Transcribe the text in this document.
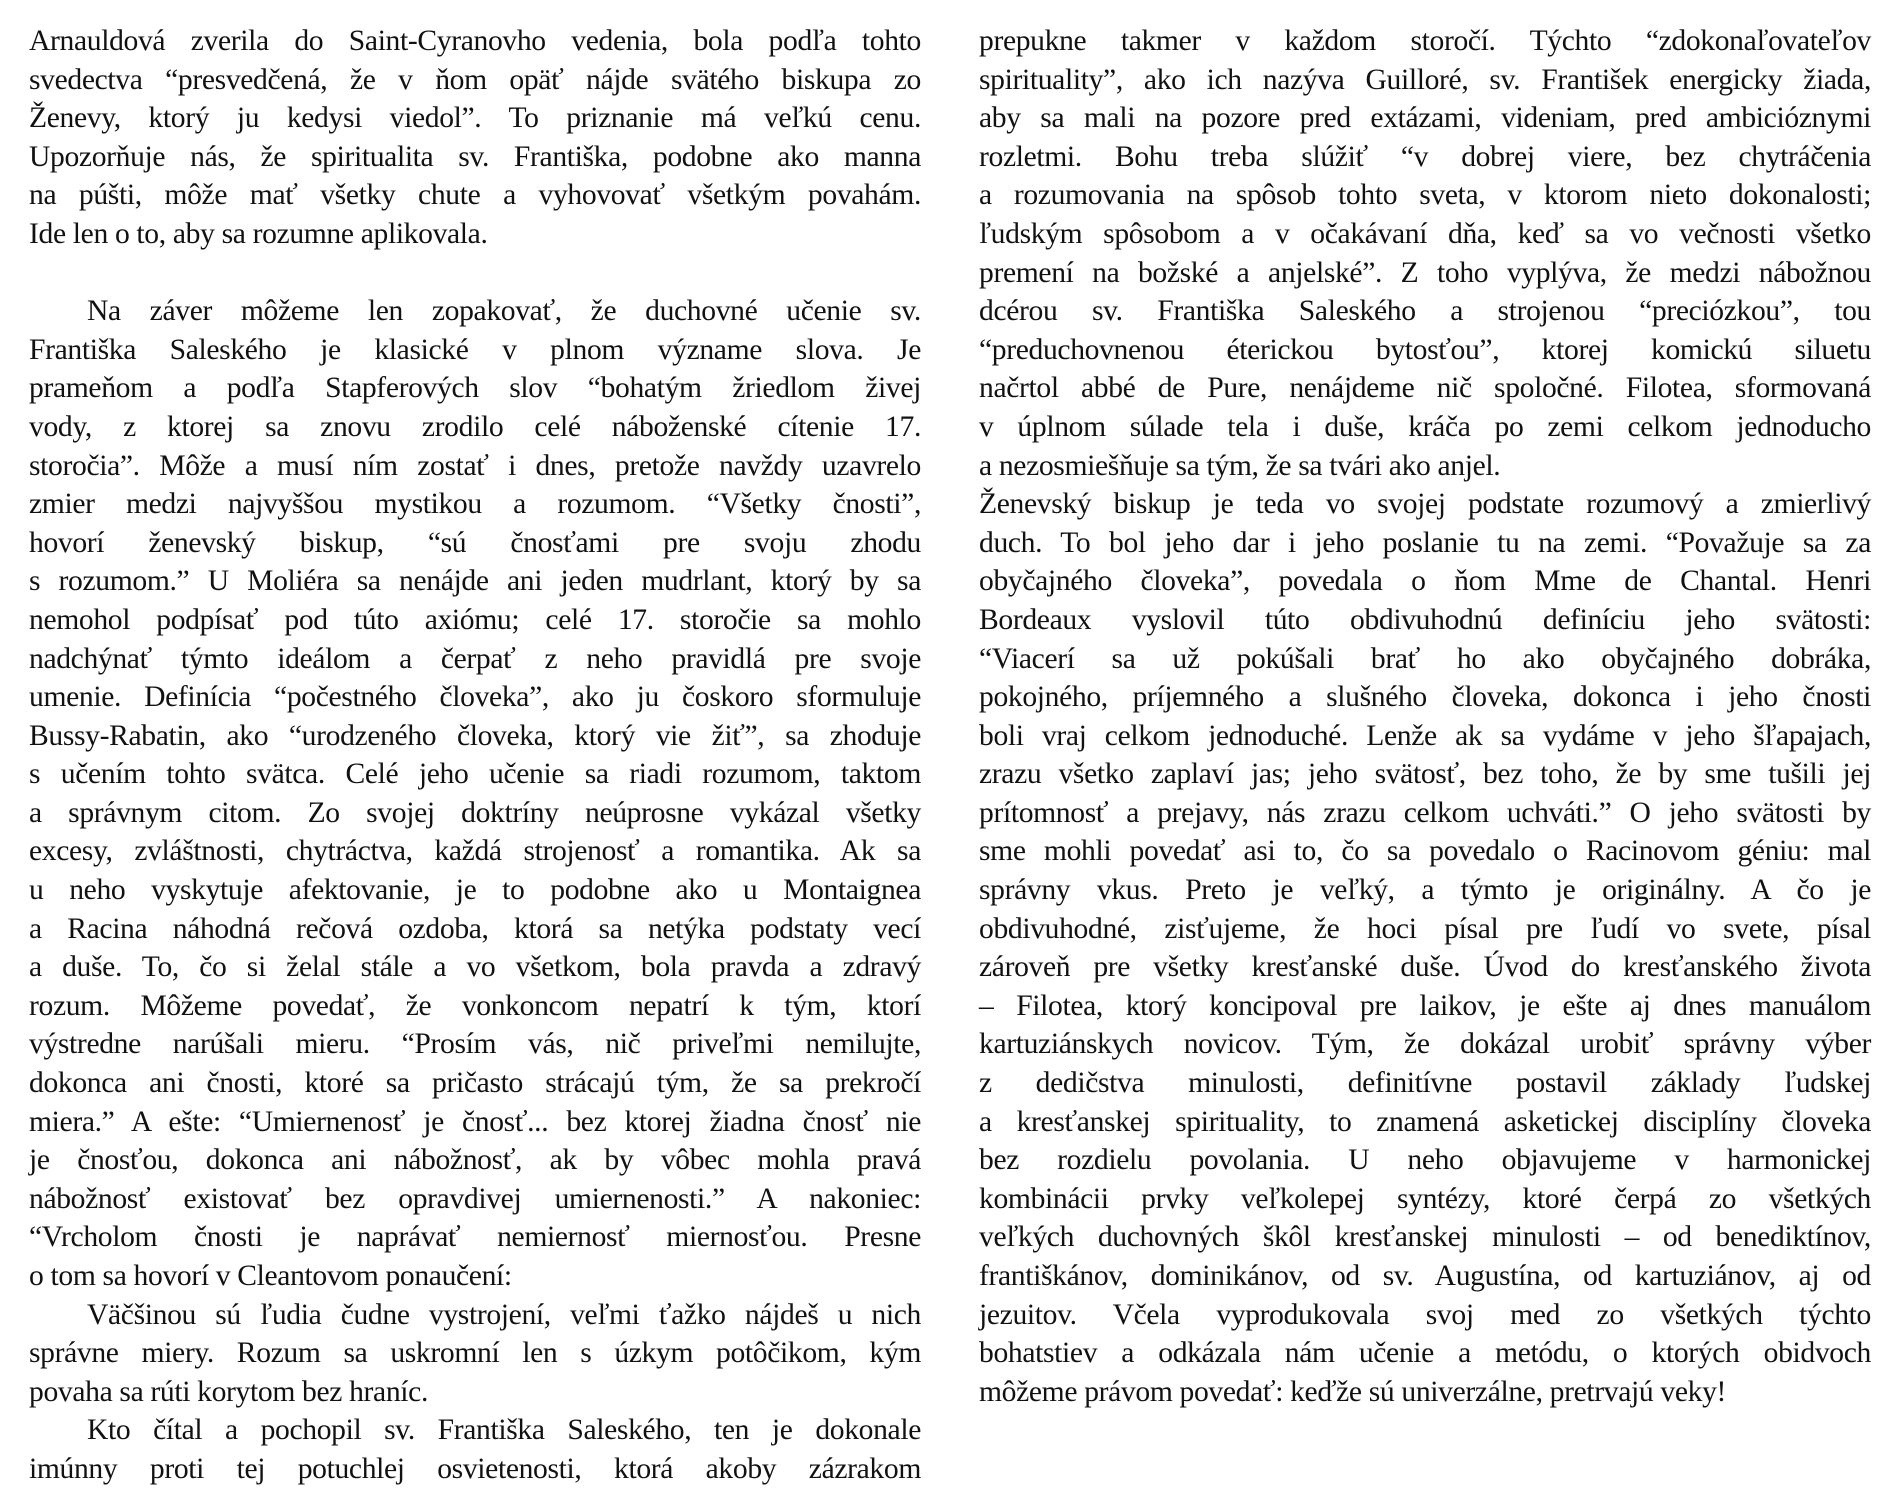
Arnauldová zverila do Saint-Cyranovho vedenia, bola podľa tohto
svedectva “presvedčená, že v ňom opäť nájde svätého biskupa zo
Ženevy, ktorý ju kedysi viedol”. To priznanie má veľkú cenu.
Upozorňuje nás, že spiritualita sv. Františka, podobne ako manna
na púšti, môže mať všetky chute a vyhovovať všetkým povahám.
Ide len o to, aby sa rozumne aplikovala.
Na záver môžeme len zopakovať, že duchovné učenie sv.
Františka Saleského je klasické v plnom význame slova. Je
prameňom a podľa Stapferových slov “bohatým žriedlom živej
vody, z ktorej sa znovu zrodilo celé náboženské cítenie 17.
storočia”. Môže a musí ním zostať i dnes, pretože navždy uzavrelo
zmier medzi najvyššou mystikou a rozumom. “Všetky čnosti”,
hovorí ženevský biskup, “sú čnosťami pre svoju zhodu
s rozumom.” U Moliéra sa nenájde ani jeden mudrlant, ktorý by sa
nemohol podpísať pod túto axiómu; celé 17. storočie sa mohlo
nadchýnať týmto ideálom a čerpať z neho pravidlá pre svoje
umenie. Definícia “počestného človeka”, ako ju čoskoro sformuluje
Bussy-Rabatin, ako “urodzeného človeka, ktorý vie žiť”, sa zhoduje
s učením tohto svätca. Celé jeho učenie sa riadi rozumom, taktom
a správnym citom. Zo svojej doktríny neúprosne vykázal všetky
excesy, zvláštnosti, chytráctva, každá strojenosť a romantika. Ak sa
u neho vyskytuje afektovanie, je to podobne ako u Montaignea
a Racina náhodná rečová ozdoba, ktorá sa netýka podstaty vecí
a duše. To, čo si želal stále a vo všetkom, bola pravda a zdravý
rozum. Môžeme povedať, že vonkoncom nepatrí k tým, ktorí
výstredne narúšali mieru. “Prosím vás, nič priveľmi nemilujte,
dokonca ani čnosti, ktoré sa pričasto strácajú tým, že sa prekročí
miera.” A ešte: “Umiernenosť je čnosť... bez ktorej žiadna čnosť nie
je čnosťou, dokonca ani nábožnosť, ak by vôbec mohla pravá
nábožnosť existovať bez opravdivej umiernenosti.” A nakoniec:
“Vrcholom čnosti je naprávať nemiernosť miernosťou. Presne
o tom sa hovorí v Cleantovom ponaučení:
Väčšinou sú ľudia čudne vystrojení, veľmi ťažko nájdeš u nich
správne miery. Rozum sa uskromní len s úzkym potôčikom, kým
povaha sa rúti korytom bez hraníc.
Kto čítal a pochopil sv. Františka Saleského, ten je dokonale
imúnny proti tej potuchlej osvietenosti, ktorá akoby zázrakom
prepukne takmer v každom storočí. Týchto “zdokonaľovateľov
spirituality”, ako ich nazýva Guilloré, sv. František energicky žiada,
aby sa mali na pozore pred extázami, videniam, pred ambicióznymi
rozletmi. Bohu treba slúžiť “v dobrej viere, bez chytráčenia
a rozumovania na spôsob tohto sveta, v ktorom nieto dokonalosti;
ľudským spôsobom a v očakávaní dňa, keď sa vo večnosti všetko
premení na božské a anjelské”. Z toho vyplýva, že medzi nábožnou
dcérou sv. Františka Saleského a strojenou “preciózkou”, tou
“preduchovnenou éterickou bytosťou”, ktorej komickú siluetu
načrtol abbé de Pure, nenájdeme nič spoločné. Filotea, sformovaná
v úplnom súlade tela i duše, kráča po zemi celkom jednoducho
a nezosmiešňuje sa tým, že sa tvári ako anjel.
Ženevský biskup je teda vo svojej podstate rozumový a zmierlivý
duch. To bol jeho dar i jeho poslanie tu na zemi. “Považuje sa za
obyčajného človeka”, povedala o ňom Mme de Chantal. Henri
Bordeaux vyslovil túto obdivuhodnú definíciu jeho svätosti:
“Viacerí sa už pokúšali brať ho ako obyčajného dobráka,
pokojného, príjemného a slušného človeka, dokonca i jeho čnosti
boli vraj celkom jednoduché. Lenže ak sa vydáme v jeho šľapajach,
zrazu všetko zaplaví jas; jeho svätosť, bez toho, že by sme tušili jej
prítomnosť a prejavy, nás zrazu celkom uchváti.” O jeho svätosti by
sme mohli povedať asi to, čo sa povedalo o Racinovom géniu: mal
správny vkus. Preto je veľký, a týmto je originálny. A čo je
obdivuhodné, zisťujeme, že hoci písal pre ľudí vo svete, písal
zároveň pre všetky kresťanské duše. Úvod do kresťanského života
– Filotea, ktorý koncipoval pre laikov, je ešte aj dnes manuálom
kartuziánskych novicov. Tým, že dokázal urobiť správny výber
z dedičstva minulosti, definitívne postavil základy ľudskej
a kresťanskej spirituality, to znamená asketickej disciplíny človeka
bez rozdielu povolania. U neho objavujeme v harmonickej
kombinácii prvky veľkolepej syntézy, ktoré čerpá zo všetkých
veľkých duchovných škôl kresťanskej minulosti – od benediktínov,
františkánov, dominikánov, od sv. Augustína, od kartuziánov, aj od
jezuitov. Včela vyprodukovala svoj med zo všetkých týchto
bohatstiev a odkázala nám učenie a metódu, o ktorých obidvoch
môžeme právom povedať: keďže sú univerzálne, pretrvajú veky!
